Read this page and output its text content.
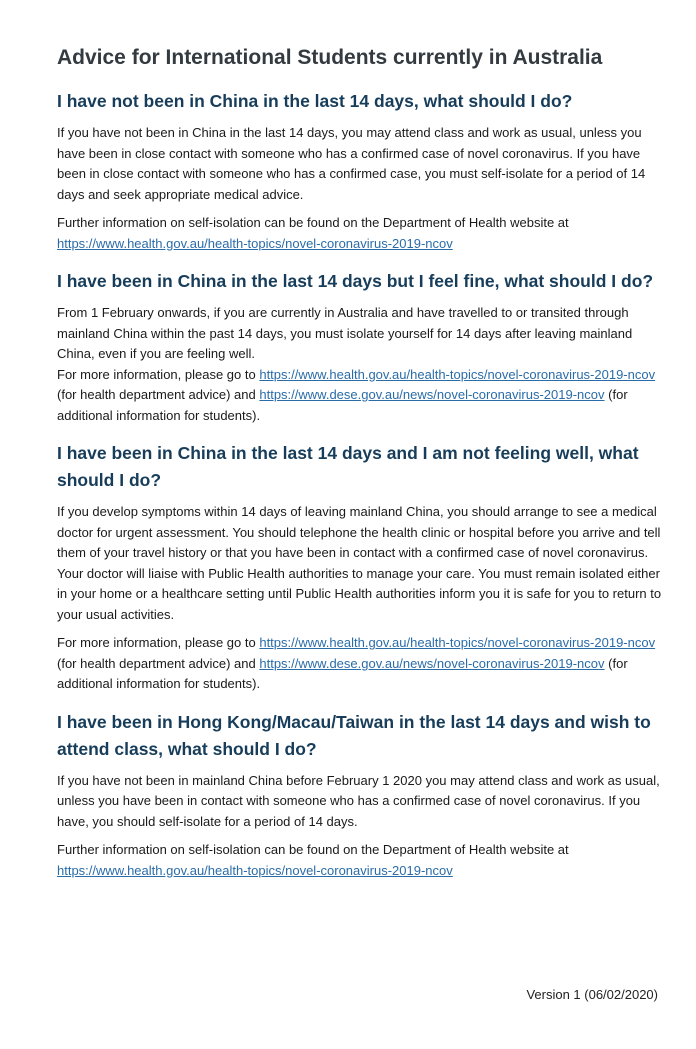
Advice for International Students currently in Australia
I have not been in China in the last 14 days, what should I do?

If you have not been in China in the last 14 days, you may attend class and work as usual, unless you have been in close contact with someone who has a confirmed case of novel coronavirus. If you have been in close contact with someone who has a confirmed case, you must self-isolate for a period of 14 days and seek appropriate medical advice.

Further information on self-isolation can be found on the Department of Health website at
https://www.health.gov.au/health-topics/novel-coronavirus-2019-ncov

I have been in China in the last 14 days but I feel fine, what should I do?

From 1 February onwards, if you are currently in Australia and have travelled to or transited through mainland China within the past 14 days, you must isolate yourself for 14 days after leaving mainland China, even if you are feeling well.
For more information, please go to https://www.health.gov.au/health-topics/novel-coronavirus-2019-ncov (for health department advice) and https://www.dese.gov.au/news/novel-coronavirus-2019-ncov (for additional information for students).

I have been in China in the last 14 days and I am not feeling well, what should I do?

If you develop symptoms within 14 days of leaving mainland China, you should arrange to see a medical doctor for urgent assessment. You should telephone the health clinic or hospital before you arrive and tell them of your travel history or that you have been in contact with a confirmed case of novel coronavirus. Your doctor will liaise with Public Health authorities to manage your care. You must remain isolated either in your home or a healthcare setting until Public Health authorities inform you it is safe for you to return to your usual activities.

For more information, please go to https://www.health.gov.au/health-topics/novel-coronavirus-2019-ncov (for health department advice) and https://www.dese.gov.au/news/novel-coronavirus-2019-ncov (for additional information for students).

I have been in Hong Kong/Macau/Taiwan in the last 14 days and wish to attend class, what should I do?

If you have not been in mainland China before February 1 2020 you may attend class and work as usual, unless you have been in contact with someone who has a confirmed case of novel coronavirus. If you have, you should self-isolate for a period of 14 days.

Further information on self-isolation can be found on the Department of Health website at
https://www.health.gov.au/health-topics/novel-coronavirus-2019-ncov

Version 1 (06/02/2020)
